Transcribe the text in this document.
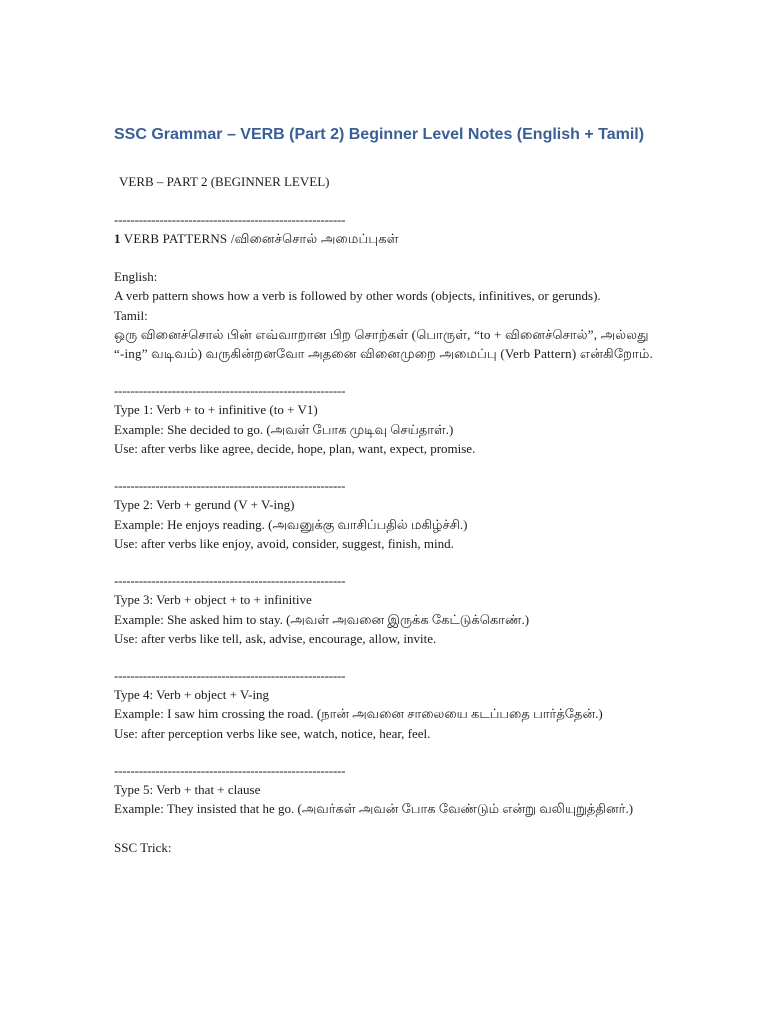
SSC Grammar – VERB (Part 2) Beginner Level Notes (English + Tamil)
VERB – PART 2 (BEGINNER LEVEL)
--------------------------------------------------------
1 VERB PATTERNS /வினைச்சொல் அமைப்புகள்
English:
A verb pattern shows how a verb is followed by other words (objects, infinitives, or gerunds).
Tamil:
ஒரு வினைச்சொல் பின் எவ்வாறான பிற சொற்கள் (பொருள், “to + வினைச்சொல்”, அல்லது “-ing” வடிவம்) வருகின்றனவோ அதனை வினைமுறை அமைப்பு (Verb Pattern) என்கிறோம்.
--------------------------------------------------------
Type 1: Verb + to + infinitive (to + V1)
Example: She decided to go. (அவள் போக முடிவு செய்தாள்.)
Use: after verbs like agree, decide, hope, plan, want, expect, promise.
--------------------------------------------------------
Type 2: Verb + gerund (V + V-ing)
Example: He enjoys reading. (அவனுக்கு வாசிப்பதில் மகிழ்ச்சி.)
Use: after verbs like enjoy, avoid, consider, suggest, finish, mind.
--------------------------------------------------------
Type 3: Verb + object + to + infinitive
Example: She asked him to stay. (அவள் அவனை இருக்க கேட்டுக்கொண்.)
Use: after verbs like tell, ask, advise, encourage, allow, invite.
--------------------------------------------------------
Type 4: Verb + object + V-ing
Example: I saw him crossing the road. (நான் அவனை சாலையை கடப்பதை பார்த்தேன்.)
Use: after perception verbs like see, watch, notice, hear, feel.
--------------------------------------------------------
Type 5: Verb + that + clause
Example: They insisted that he go. (அவர்கள் அவன் போக வேண்டும் என்று வலியுறுத்தினர்.)
SSC Trick:
